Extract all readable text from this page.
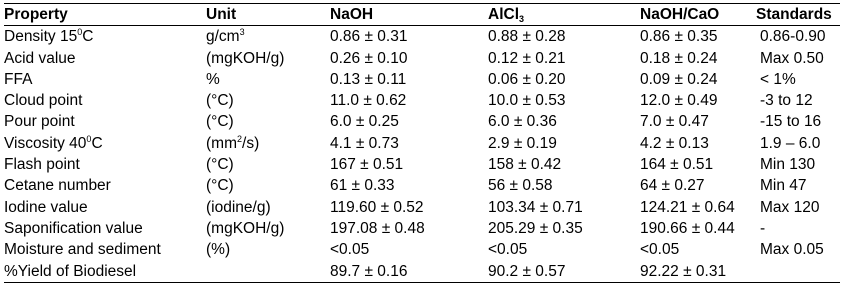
Property	Unit	NaOH	AlCl$_3$	NaOH/CaO	Standards
Density $15^0C$	$g/cm^3$	0.86 ± 0.31	0.88 ± 0.28	0.86 ± 0.35	0.86-0.90
Acid value	(mgKOH/g)	0.26 ± 0.10	0.12 ± 0.21	0.18 ± 0.24	Max 0.50
FFA	%	0.13 ± 0.11	0.06 ± 0.20	0.09 ± 0.24	< 1%
Cloud point	(°C)	11.0 ± 0.62	10.0 ± 0.53	12.0 ± 0.49	-3 to 12
Pour point	(°C)	6.0 ± 0.25	6.0 ± 0.36	7.0 ± 0.47	-15 to 16
Viscosity $40^0C$	$(mm^2/s)$	4.1 ± 0.73	2.9 ± 0.19	4.2 ± 0.13	1.9 – 6.0
Flash point	(°C)	167 ± 0.51	158 ± 0.42	164 ± 0.51	Min 130
Cetane number	(°C)	61 ± 0.33	56 ± 0.58	64 ± 0.27	Min 47
Iodine value	(iodine/g)	119.60 ± 0.52	103.34 ± 0.71	124.21 ± 0.64	Max 120
Saponification value	(mgKOH/g)	197.08 ± 0.48	205.29 ± 0.35	190.66 ± 0.44	-
Moisture and sediment	(%)	<0.05	<0.05	<0.05	Max 0.05
%Yield of Biodiesel		89.7 ± 0.16	90.2 ± 0.57	92.22 ± 0.31	
